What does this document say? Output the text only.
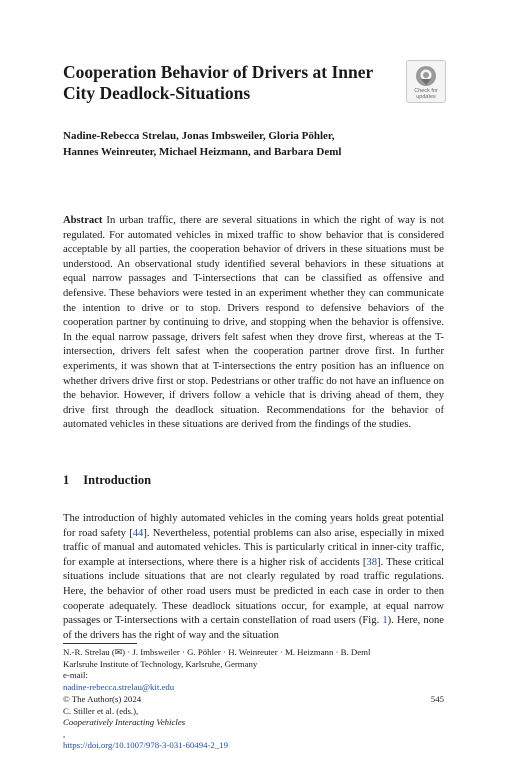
Cooperation Behavior of Drivers at Inner City Deadlock-Situations	Check for
updates

Nadine-Rebecca Strelau, Jonas Imbsweiler, Gloria Pöhler,
Hannes Weinreuter, Michael Heizmann, and Barbara Deml

Abstract In urban traffic, there are several situations in which the right of way is not regulated. For automated vehicles in mixed traffic to show behavior that is considered acceptable by all parties, the cooperation behavior of drivers in these situations must be understood. An observational study identified several behaviors in these situations at equal narrow passages and T-intersections that can be classified as offensive and defensive. These behaviors were tested in an experiment whether they can communicate the intention to drive or to stop. Drivers respond to defensive behaviors of the cooperation partner by continuing to drive, and stopping when the behavior is offensive. In the equal narrow passage, drivers felt safest when they drove first, whereas at the T-intersection, drivers felt safest when the cooperation partner drove first. In further experiments, it was shown that at T-intersections the entry position has an influence on whether drivers drive first or stop. Pedestrians or other traffic do not have an influence on the behavior. However, if drivers follow a vehicle that is driving ahead of them, they drive first through the deadlock situation. Recommendations for the behavior of automated vehicles in these situations are derived from the findings of the studies.

1 Introduction

The introduction of highly automated vehicles in the coming years holds great potential for road safety [44]. Nevertheless, potential problems can also arise, especially in mixed traffic of manual and automated vehicles. This is particularly critical in inner-city traffic, for example at intersections, where there is a higher risk of accidents [38]. These critical situations include situations that are not clearly regulated by road traffic regulations. Here, the behavior of other road users must be predicted in each case in order to then cooperate adequately. These deadlock situations occur, for example, at equal narrow passages or T-intersections with a certain constellation of road users (Fig. 1). Here, none of the drivers has the right of way and the situation

N.-R. Strelau (✉) · J. Imbsweiler · G. Pöhler · H. Weinreuter · M. Heizmann · B. Deml
Karlsruhe Institute of Technology, Karlsruhe, Germany
e-mail:
nadine-rebecca.strelau@kit.edu

© The Author(s) 2024
C. Stiller et al. (eds.),
Cooperatively Interacting Vehicles
,
https://doi.org/10.1007/978-3-031-60494-2_19

545
